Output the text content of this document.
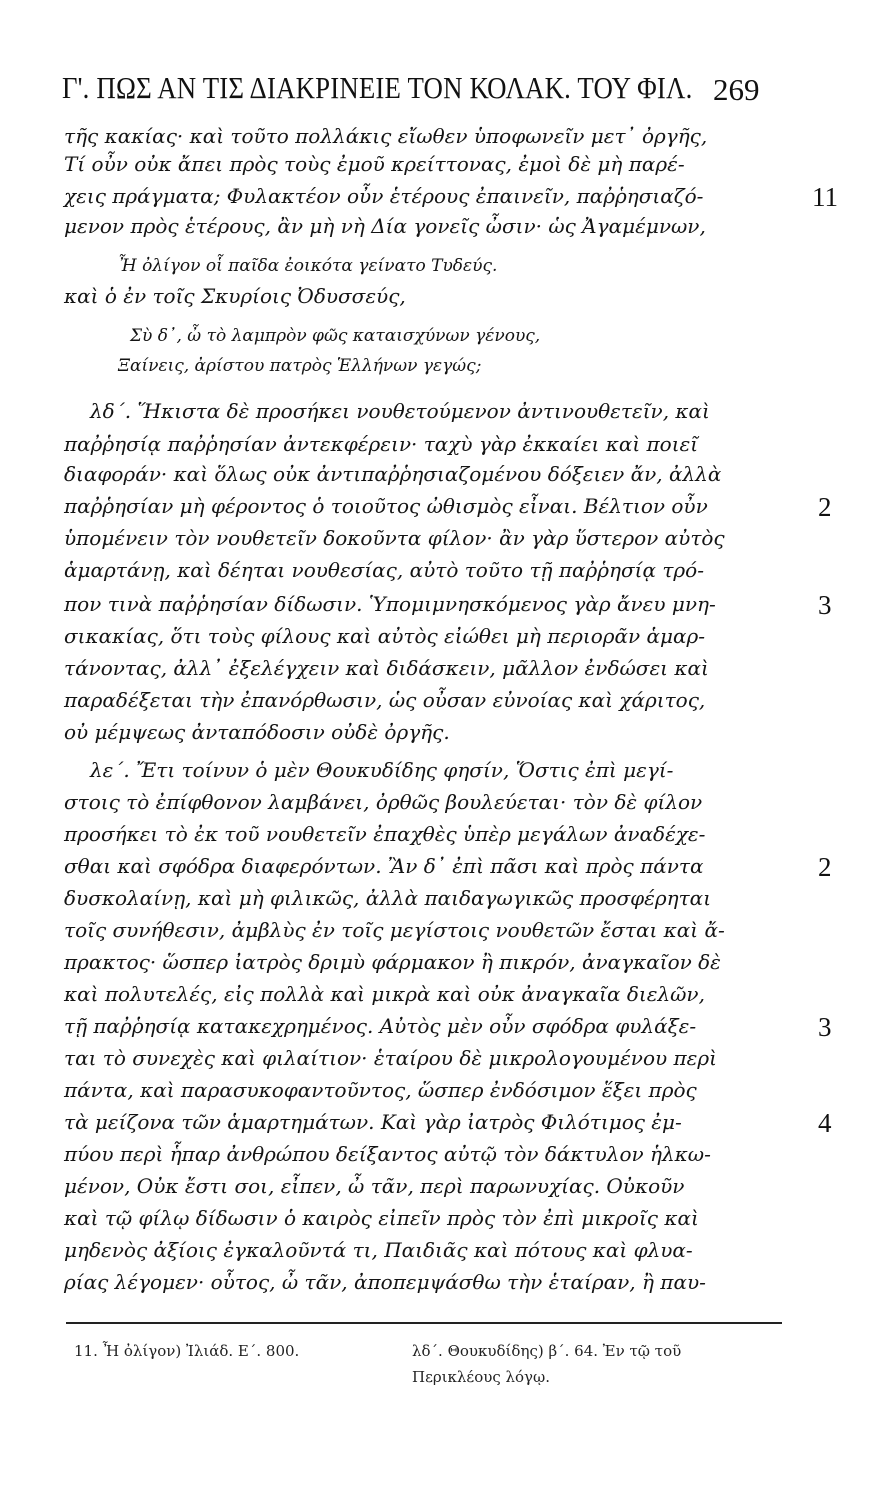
Γ'. ΠΩΣ ΑΝ ΤΙΣ ΔΙΑΚΡΙΝΕΙΕ ΤΟΝ ΚΟΛΑΚ. ΤΟΥ ΦΙΛ. 269
τῆς κακίας· καὶ τοῦτο πολλάκις εἴωθεν ὑποφωνεῖν μετ᾽ ὀργῆς,
Τί οὖν οὐκ ἄπει πρὸς τοὺς ἐμοῦ κρείττονας, ἐμοὶ δὲ μὴ παρέ-
χεις πράγματα; Φυλακτέον οὖν ἑτέρους ἐπαινεῖν, παῤῥησιαζό-
μενον πρὸς ἑτέρους, ἂν μὴ νὴ Δία γονεῖς ὦσιν· ὡς Ἀγαμέμνων,
Ἦ ὀλίγον οἷ παῖδα ἐοικότα γείνατο Τυδεύς.
καὶ ὁ ἐν τοῖς Σκυρίοις Ὀδυσσεύς,
Σὺ δ᾽, ὦ τὸ λαμπρὸν φῶς καταισχύνων γένους,
Ξαίνεις, ἀρίστου πατρὸς Ἑλλήνων γεγώς;
λδ΄. Ἥκιστα δὲ προσήκει νουθετούμενον ἀντινουθετεῖν, καὶ
παῤῥησίᾳ παῤῥησίαν ἀντεκφέρειν· ταχὺ γὰρ ἐκκαίει καὶ ποιεῖ
διαφοράν· καὶ ὅλως οὐκ ἀντιπαῤῥησιαζομένου δόξειεν ἄν, ἀλλὰ
παῤῥησίαν μὴ φέροντος ὁ τοιοῦτος ὠθισμὸς εἶναι. Βέλτιον οὖν
ὑπομένειν τὸν νουθετεῖν δοκοῦντα φίλον· ἂν γὰρ ὕστερον αὐτὸς
ἁμαρτάνῃ, καὶ δέηται νουθεσίας, αὐτὸ τοῦτο τῇ παῤῥησίᾳ τρό-
πον τινὰ παῤῥησίαν δίδωσιν. Ὑπομιμνησκόμενος γὰρ ἄνευ μνη-
σικακίας, ὅτι τοὺς φίλους καὶ αὐτὸς εἰώθει μὴ περιορᾶν ἁμαρ-
τάνοντας, ἀλλ᾽ ἐξελέγχειν καὶ διδάσκειν, μᾶλλον ἐνδώσει καὶ
παραδέξεται τὴν ἐπανόρθωσιν, ὡς οὖσαν εὐνοίας καὶ χάριτος,
οὐ μέμψεως ἀνταπόδοσιν οὐδὲ ὀργῆς.
λε΄. Ἔτι τοίνυν ὁ μὲν Θουκυδίδης φησίν, Ὅστις ἐπὶ μεγί-
στοις τὸ ἐπίφθονον λαμβάνει, ὀρθῶς βουλεύεται· τὸν δὲ φίλον
προσήκει τὸ ἐκ τοῦ νουθετεῖν ἐπαχθὲς ὑπὲρ μεγάλων ἀναδέχε-
σθαι καὶ σφόδρα διαφερόντων. Ἂν δ᾽ ἐπὶ πᾶσι καὶ πρὸς πάντα
δυσκολαίνῃ, καὶ μὴ φιλικῶς, ἀλλὰ παιδαγωγικῶς προσφέρηται
τοῖς συνήθεσιν, ἀμβλὺς ἐν τοῖς μεγίστοις νουθετῶν ἔσται καὶ ἄ-
πρακτος· ὥσπερ ἰατρὸς δριμὺ φάρμακον ἢ πικρόν, ἀναγκαῖον δὲ
καὶ πολυτελές, εἰς πολλὰ καὶ μικρὰ καὶ οὐκ ἀναγκαῖα διελῶν,
τῇ παῤῥησίᾳ κατακεχρημένος. Αὐτὸς μὲν οὖν σφόδρα φυλάξε-
ται τὸ συνεχὲς καὶ φιλαίτιον· ἑταίρου δὲ μικρολογουμένου περὶ
πάντα, καὶ παρασυκοφαντοῦντος, ὥσπερ ἐνδόσιμον ἕξει πρὸς
τὰ μείζονα τῶν ἁμαρτημάτων. Καὶ γὰρ ἰατρὸς Φιλότιμος ἐμ-
πύου περὶ ἧπαρ ἀνθρώπου δείξαντος αὐτῷ τὸν δάκτυλον ἡλκω-
μένον, Οὐκ ἔστι σοι, εἶπεν, ὦ τᾶν, περὶ παρωνυχίας. Οὐκοῦν
καὶ τῷ φίλῳ δίδωσιν ὁ καιρὸς εἰπεῖν πρὸς τὸν ἐπὶ μικροῖς καὶ
μηδενὸς ἀξίοις ἐγκαλοῦντά τι, Παιδιᾶς καὶ πότους καὶ φλυα-
ρίας λέγομεν· οὗτος, ὦ τᾶν, ἀποπεμψάσθω τὴν ἑταίραν, ἢ παυ-
11
2
3
2
3
4
11. Ἦ ὀλίγον) Ἰλιάδ. Ε΄. 800.	λδ΄. Θουκυδίδης) β΄. 64. Ἐν τῷ τοῦ
Περικλέους λόγῳ.
